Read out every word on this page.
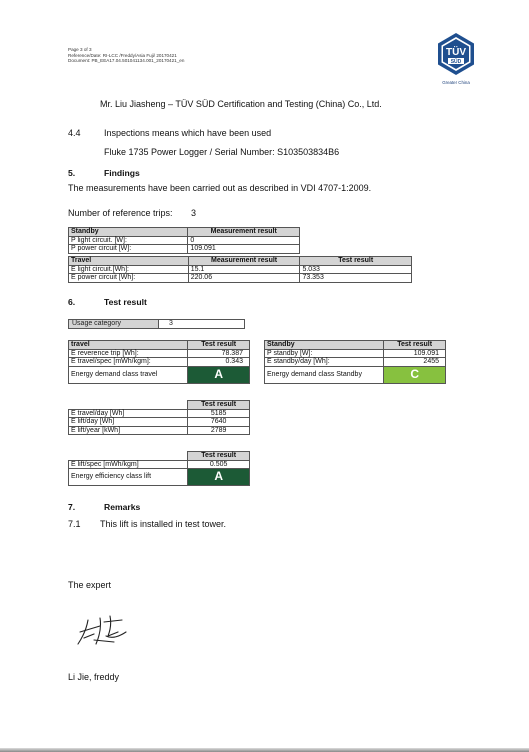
Page 3 of 3
Reference/Date: RI-LCC /Freddy/Asia Fuji/ 20170421
Document: PB_EEA17.04.501041134.001_20170421_en
TÜV
SÜD
Greater China
Mr. Liu Jiasheng – TÜV SÜD Certification and Testing (China) Co., Ltd.
4.4	Inspections means which have been used
Fluke 1735 Power Logger / Serial Number: S103503834B6
5.	Findings
The measurements have been carried out as described in VDI 4707-1:2009.
Number of reference trips: 3
Standby	Measurement result
P light circuit. [W]:	0
P power circuit [W]:	109.091
Travel	Measurement result	Test result
E light circuit.[Wh]:	15.1	5.033
E power circuit [Wh]:	220.06	73.353
6.	Test result
Usage category	3
travel	Test result
E reverence trip [Wh]:	78.387
E travel/spec [mWh/kgm]:	0.343
Energy demand class travel	A
Standby	Test result
P standby [W]:	109.091
E standby/day [Wh]:	2455
Energy demand class Standby	C
	Test result
E travel/day [Wh]	5185
E lift/day [Wh]	7640
E lift/year [kWh]	2789
	Test result
E lift/spec [mWh/kgm]	0.505
Energy efficiency class lift	A
7.	Remarks
7.1 This lift is installed in test tower.
The expert
Li Jie, freddy
